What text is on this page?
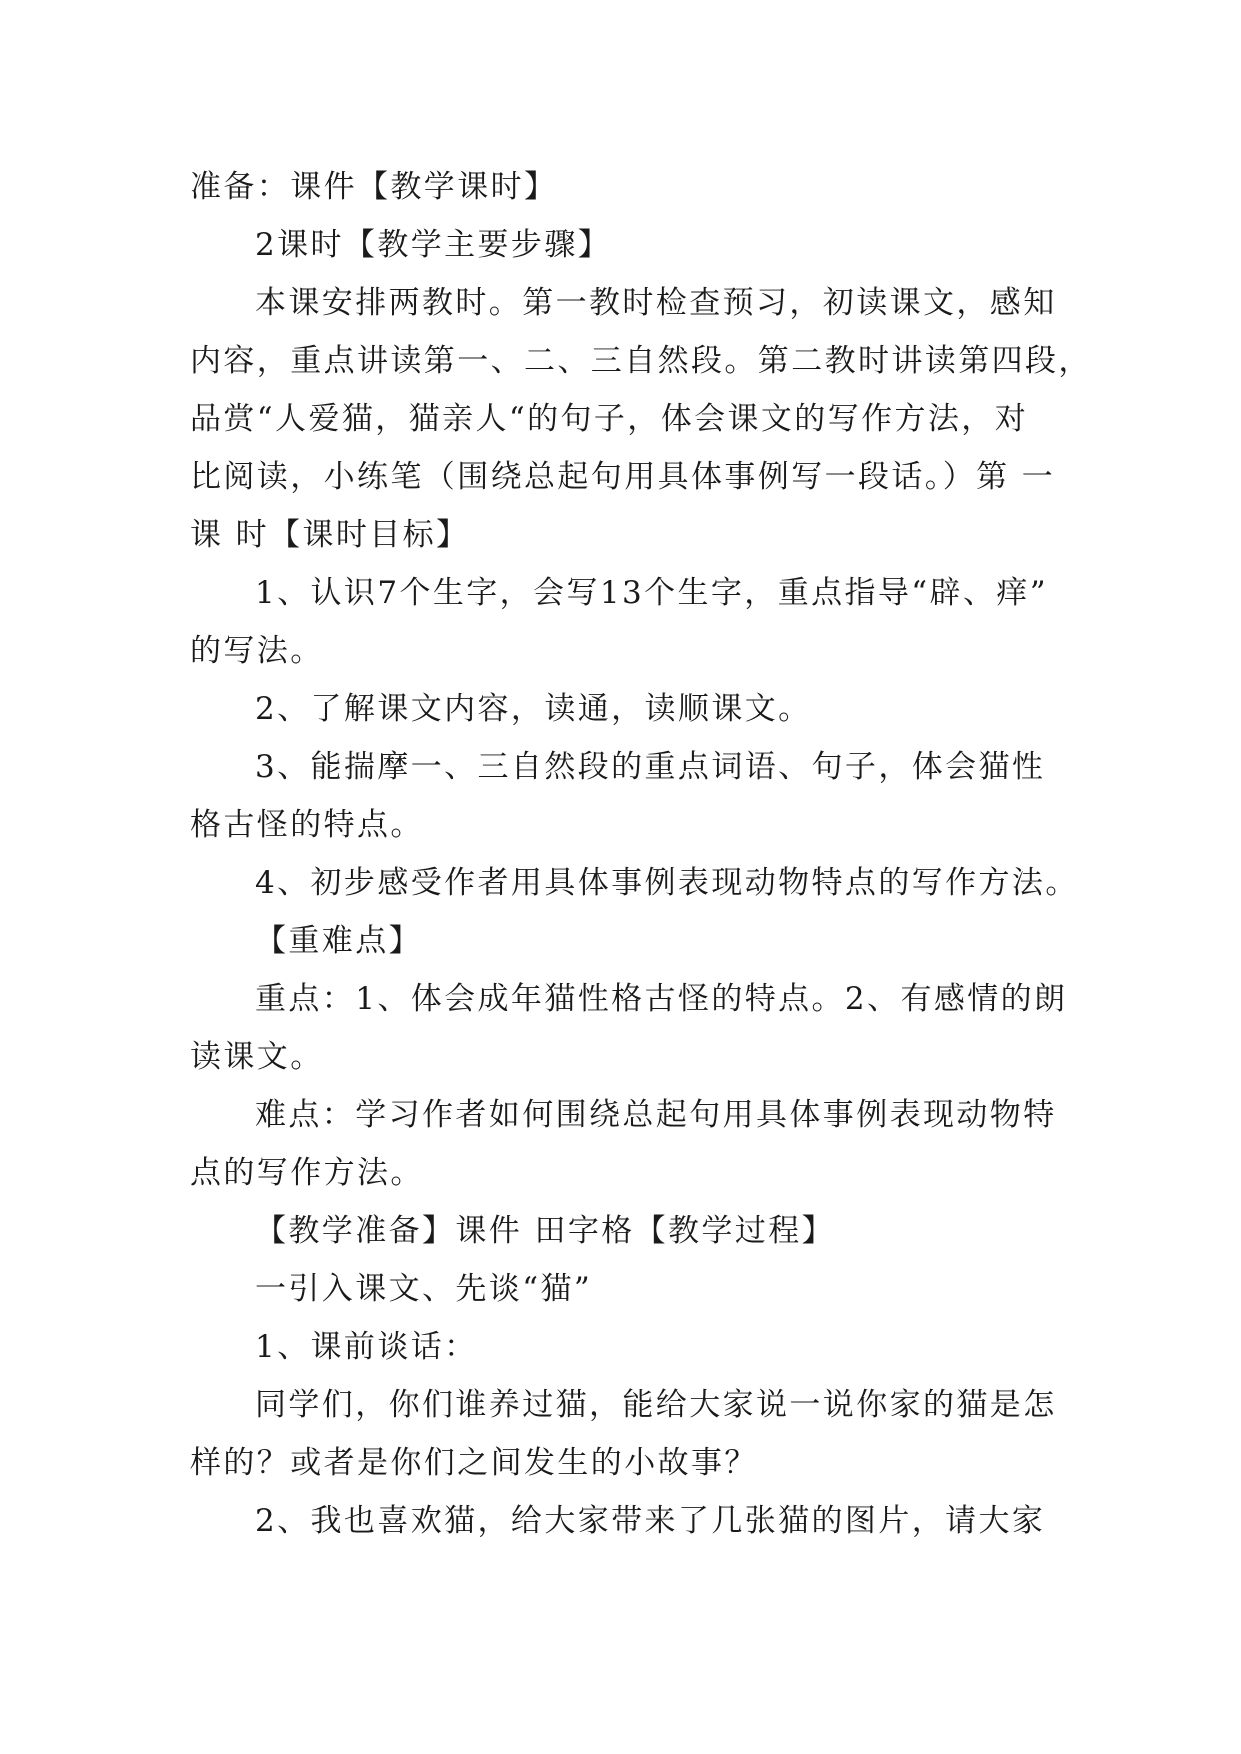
准备：课件【教学课时】
2课时【教学主要步骤】
本课安排两教时。第一教时检查预习，初读课文，感知
内容，重点讲读第一、二、三自然段。第二教时讲读第四段，
品赏“人爱猫，猫亲人“的句子，体会课文的写作方法，对
比阅读，小练笔（围绕总起句用具体事例写一段话。）第 一
课 时【课时目标】
1、认识7个生字，会写13个生字，重点指导“辟、痒”
的写法。
2、了解课文内容，读通，读顺课文。
3、能揣摩一、三自然段的重点词语、句子，体会猫性
格古怪的特点。
4、初步感受作者用具体事例表现动物特点的写作方法。
【重难点】
重点：1、体会成年猫性格古怪的特点。2、有感情的朗
读课文。
难点：学习作者如何围绕总起句用具体事例表现动物特
点的写作方法。
【教学准备】课件 田字格【教学过程】
一引入课文、先谈“猫”
1、课前谈话：
同学们，你们谁养过猫，能给大家说一说你家的猫是怎
样的？或者是你们之间发生的小故事？
2、我也喜欢猫，给大家带来了几张猫的图片，请大家
